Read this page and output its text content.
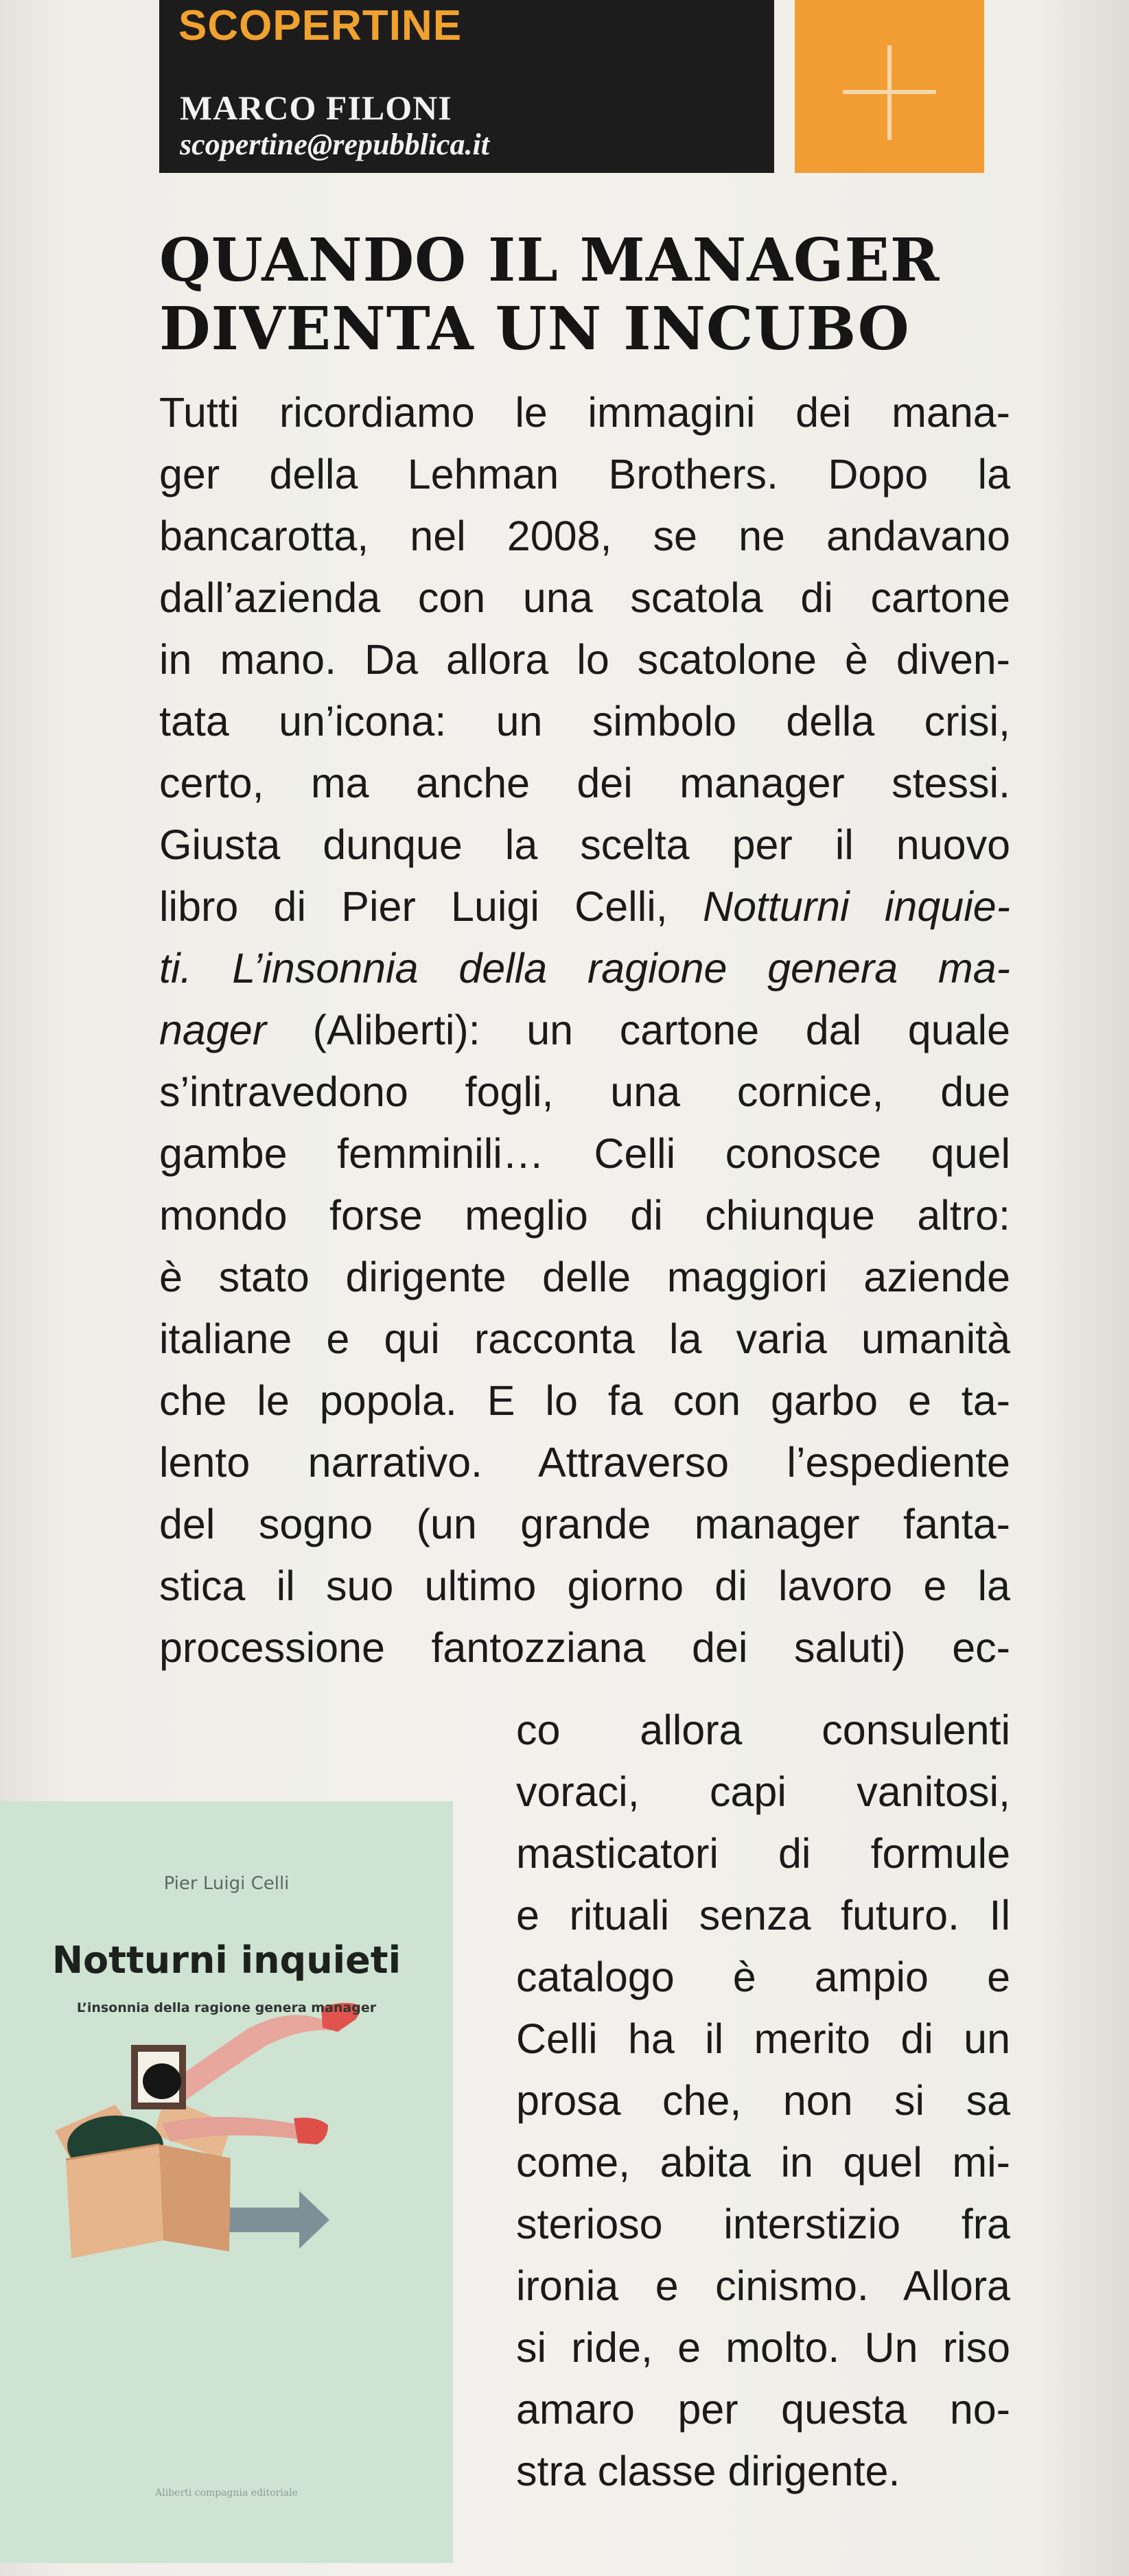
SCOPERTINE
MARCO FILONI
scopertine@repubblica.it
QUANDO IL MANAGER
DIVENTA UN INCUBO
Tutti ricordiamo le immagini dei mana-
ger della Lehman Brothers. Dopo la
bancarotta, nel 2008, se ne andavano
dall’azienda con una scatola di cartone
in mano. Da allora lo scatolone è diven-
tata un’icona: un simbolo della crisi,
certo, ma anche dei manager stessi.
Giusta dunque la scelta per il nuovo
libro di Pier Luigi Celli, Notturni inquie-
ti. L’insonnia della ragione genera ma-
nager (Aliberti): un cartone dal quale
s’intravedono fogli, una cornice, due
gambe femminili… Celli conosce quel
mondo forse meglio di chiunque altro:
è stato dirigente delle maggiori aziende
italiane e qui racconta la varia umanità
che le popola. E lo fa con garbo e ta-
lento narrativo. Attraverso l’espediente
del sogno (un grande manager fanta-
stica il suo ultimo giorno di lavoro e la
processione fantozziana dei saluti) ec-
co allora consulenti
voraci, capi vanitosi,
masticatori di formule
e rituali senza futuro. Il
catalogo è ampio e
Celli ha il merito di un
prosa che, non si sa
come, abita in quel mi-
sterioso interstizio fra
ironia e cinismo. Allora
si ride, e molto. Un riso
amaro per questa no-
stra classe dirigente.
Pier Luigi Celli
Notturni inquieti
L’insonnia della ragione genera manager
Aliberti compagnia editoriale
